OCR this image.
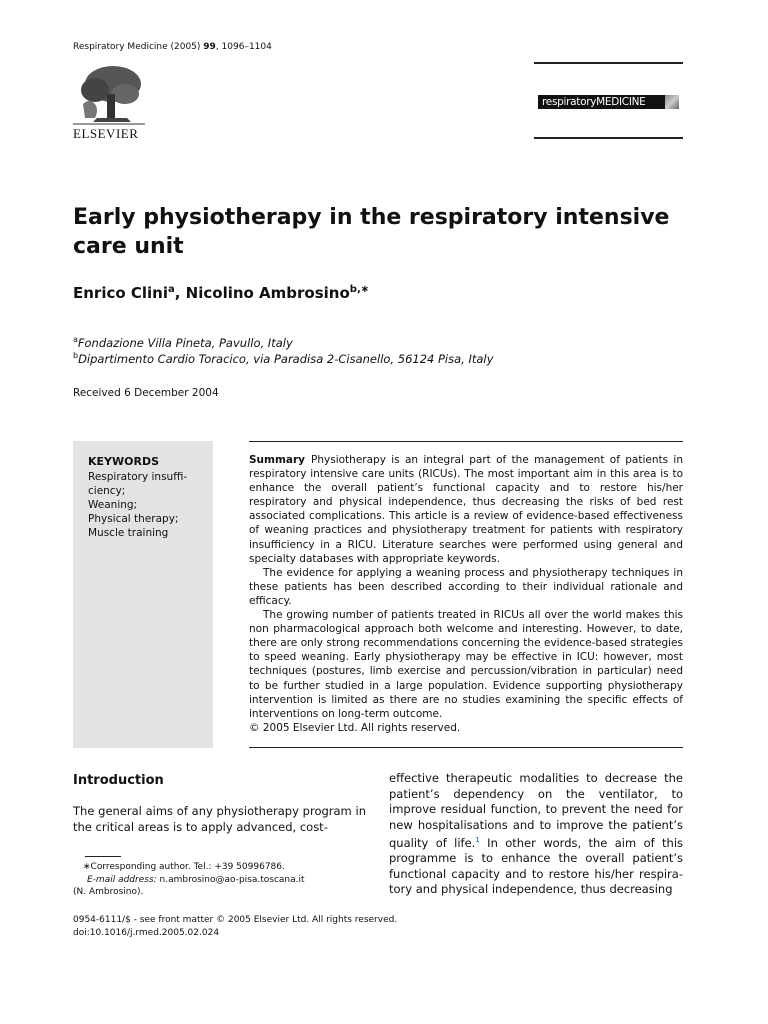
Respiratory Medicine (2005) 99, 1096–1104
ELSEVIER
respiratoryMEDICINE
Early physiotherapy in the respiratory intensive care unit
Enrico Clini$^a$, Nicolino Ambrosino$^{b,∗}$
$^a$Fondazione Villa Pineta, Pavullo, Italy
$^b$Dipartimento Cardio Toracico, via Paradisa 2-Cisanello, 56124 Pisa, Italy
Received 6 December 2004
KEYWORDS
Respiratory insuffi-ciency;
Weaning;
Physical therapy;
Muscle training

Summary Physiotherapy is an integral part of the management of patients in respiratory intensive care units (RICUs). The most important aim in this area is to enhance the overall patient’s functional capacity and to restore his/her respiratory and physical independence, thus decreasing the risks of bed rest associated complications. This article is a review of evidence-based effectiveness of weaning practices and physiotherapy treatment for patients with respiratory insufficiency in a RICU. Literature searches were performed using general and specialty databases with appropriate keywords.

The evidence for applying a weaning process and physiotherapy techniques in these patients has been described according to their individual rationale and efficacy.

The growing number of patients treated in RICUs all over the world makes this non pharmacological approach both welcome and interesting. However, to date, there are only strong recommendations concerning the evidence-based strategies to speed weaning. Early physiotherapy may be effective in ICU: however, most techniques (postures, limb exercise and percussion/vibration in particular) need to be further studied in a large population. Evidence supporting physiotherapy intervention is limited as there are no studies examining the specific effects of interventions on long-term outcome.

© 2005 Elsevier Ltd. All rights reserved.

Introduction

The general aims of any physiotherapy program in the critical areas is to apply advanced, cost-

effective therapeutic modalities to decrease the patient’s dependency on the ventilator, to improve residual function, to prevent the need for new hospitalisations and to improve the patient’s quality of life.$^1$ In other words, the aim of this programme is to enhance the overall patient’s functional capacity and to restore his/her respira-tory and physical independence, thus decreasing

∗Corresponding author. Tel.: +39 50996786.
E-mail address: n.ambrosino@ao-pisa.toscana.it
(N. Ambrosino).
0954-6111/$ - see front matter © 2005 Elsevier Ltd. All rights reserved.
doi:10.1016/j.rmed.2005.02.024
